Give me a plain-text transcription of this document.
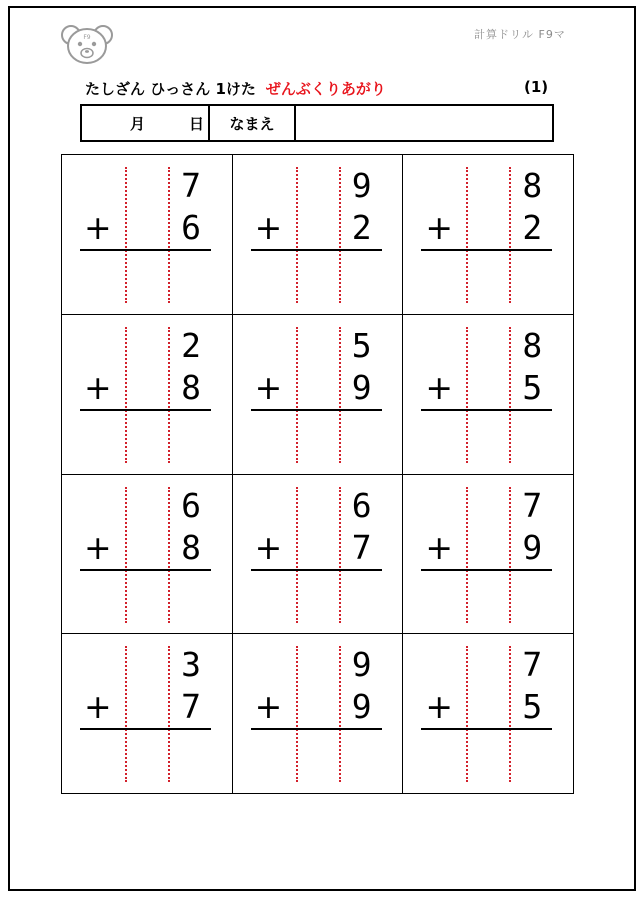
F9	計算ドリル F9マ
たしざん ひっさん 1けた ぜんぶくりあがり	(1)
月	日	なまえ
7
+	6
9
+	2
8
+	2
2
+	8
5
+	9
8
+	5
6
+	8
6
+	7
7
+	9
3
+	7
9
+	9
7
+	5
